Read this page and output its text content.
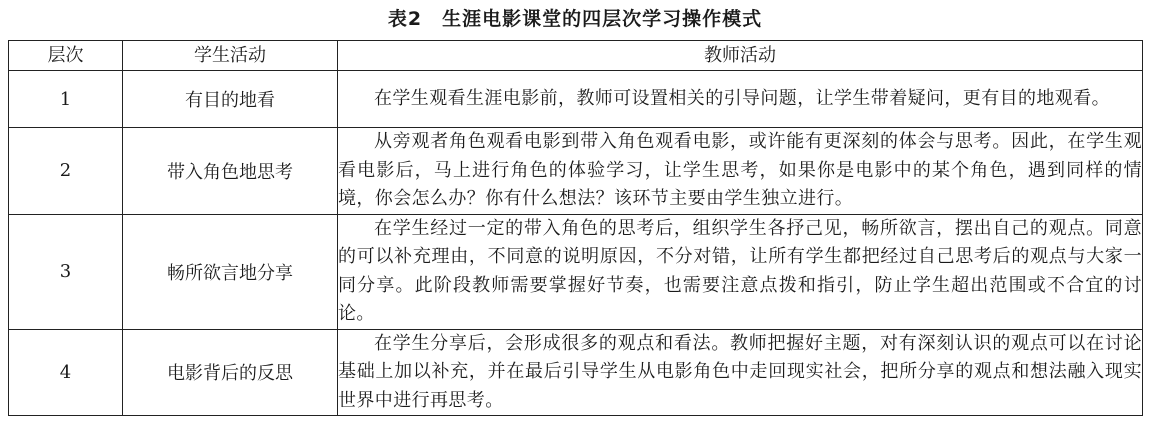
表2　生涯电影课堂的四层次学习操作模式
层次	学生活动	教师活动
1	有目的地看	在学生观看生涯电影前，教师可设置相关的引导问题，让学生带着疑问，更有目的地观看。

2	带入角色地思考	从旁观者角色观看电影到带入角色观看电影，或许能有更深刻的体会与思考。因此，在学生观看电影后，马上进行角色的体验学习，让学生思考，如果你是电影中的某个角色，遇到同样的情境，你会怎么办？你有什么想法？该环节主要由学生独立进行。

3	畅所欲言地分享	在学生经过一定的带入角色的思考后，组织学生各抒己见，畅所欲言，摆出自己的观点。同意的可以补充理由，不同意的说明原因，不分对错，让所有学生都把经过自己思考后的观点与大家一同分享。此阶段教师需要掌握好节奏，也需要注意点拨和指引，防止学生超出范围或不合宜的讨论。

4	电影背后的反思	在学生分享后，会形成很多的观点和看法。教师把握好主题，对有深刻认识的观点可以在讨论基础上加以补充，并在最后引导学生从电影角色中走回现实社会，把所分享的观点和想法融入现实世界中进行再思考。
